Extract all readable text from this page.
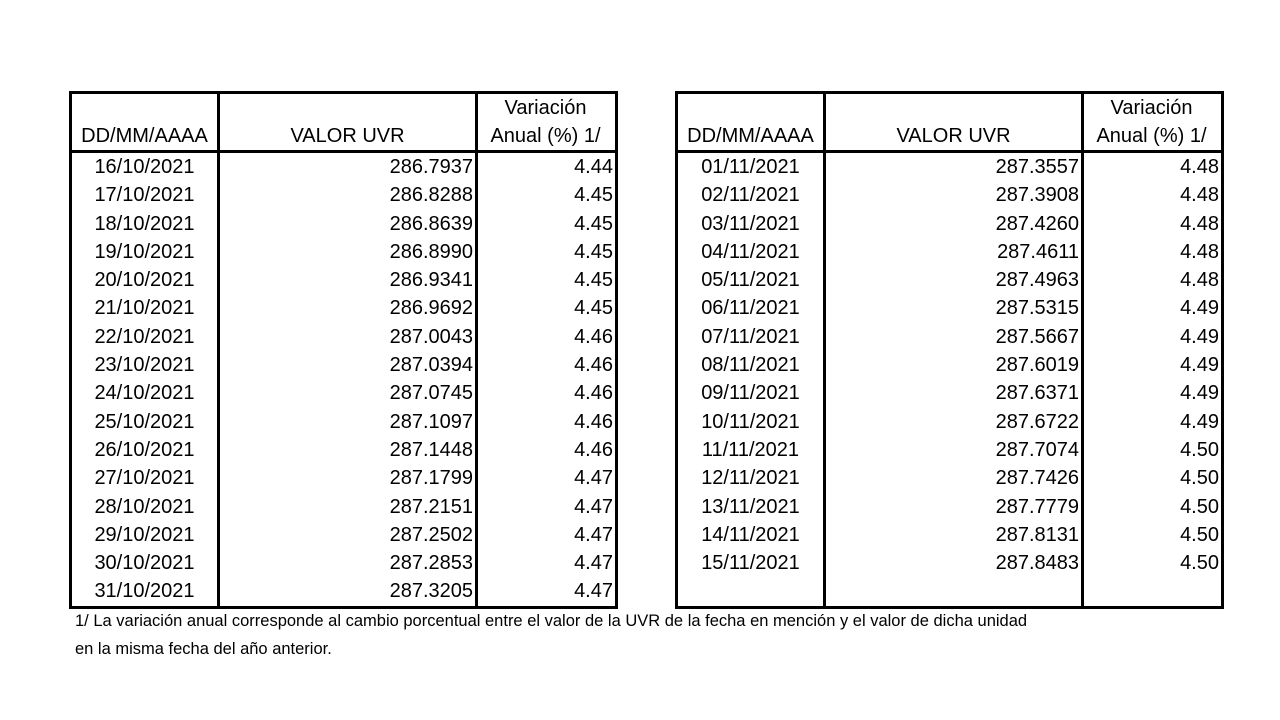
DD/MM/AAAA	VALOR UVR	Variación
Anual (%) 1/

16/10/2021	286.7937	4.44
17/10/2021	286.8288	4.45
18/10/2021	286.8639	4.45
19/10/2021	286.8990	4.45
20/10/2021	286.9341	4.45
21/10/2021	286.9692	4.45
22/10/2021	287.0043	4.46
23/10/2021	287.0394	4.46
24/10/2021	287.0745	4.46
25/10/2021	287.1097	4.46
26/10/2021	287.1448	4.46
27/10/2021	287.1799	4.47
28/10/2021	287.2151	4.47
29/10/2021	287.2502	4.47
30/10/2021	287.2853	4.47
31/10/2021	287.3205	4.47
DD/MM/AAAA	VALOR UVR	Variación
Anual (%) 1/

01/11/2021	287.3557	4.48
02/11/2021	287.3908	4.48
03/11/2021	287.4260	4.48
04/11/2021	287.4611	4.48
05/11/2021	287.4963	4.48
06/11/2021	287.5315	4.49
07/11/2021	287.5667	4.49
08/11/2021	287.6019	4.49
09/11/2021	287.6371	4.49
10/11/2021	287.6722	4.49
11/11/2021	287.7074	4.50
12/11/2021	287.7426	4.50
13/11/2021	287.7779	4.50
14/11/2021	287.8131	4.50
15/11/2021	287.8483	4.50

1/ La variación anual corresponde al cambio porcentual entre el valor de la UVR de la fecha en mención y el valor de dicha unidad
en la misma fecha del año anterior.
